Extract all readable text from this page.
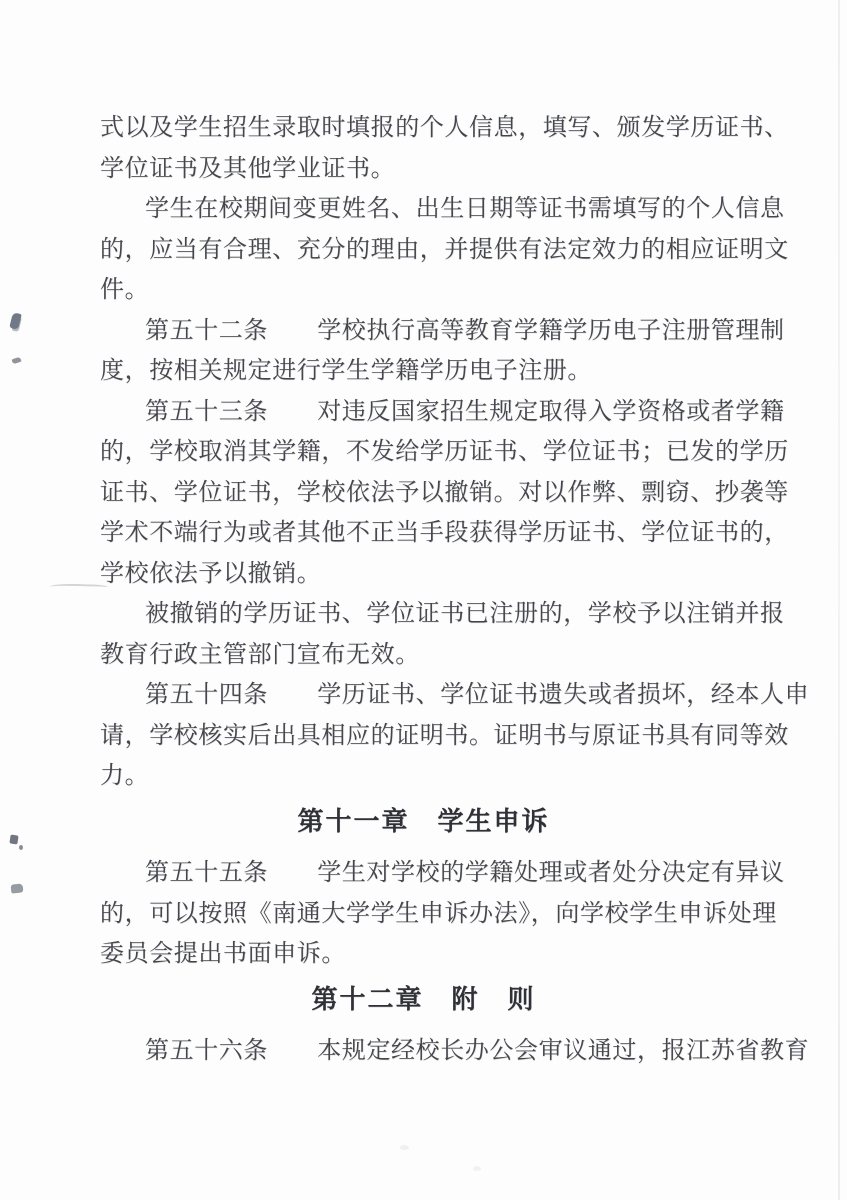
式以及学生招生录取时填报的个人信息，填写、颁发学历证书、
学位证书及其他学业证书。
学生在校期间变更姓名、出生日期等证书需填写的个人信息
的，应当有合理、充分的理由，并提供有法定效力的相应证明文
件。
第五十二条　　学校执行高等教育学籍学历电子注册管理制
度，按相关规定进行学生学籍学历电子注册。
第五十三条　　对违反国家招生规定取得入学资格或者学籍
的，学校取消其学籍，不发给学历证书、学位证书；已发的学历
证书、学位证书，学校依法予以撤销。对以作弊、剽窃、抄袭等
学术不端行为或者其他不正当手段获得学历证书、学位证书的，
学校依法予以撤销。
被撤销的学历证书、学位证书已注册的，学校予以注销并报
教育行政主管部门宣布无效。
第五十四条　　学历证书、学位证书遗失或者损坏，经本人申
请，学校核实后出具相应的证明书。证明书与原证书具有同等效
力。
第十一章　学生申诉
第五十五条　　学生对学校的学籍处理或者处分决定有异议
的，可以按照《南通大学学生申诉办法》，向学校学生申诉处理
委员会提出书面申诉。
第十二章　附　则
第五十六条　　本规定经校长办公会审议通过，报江苏省教育
